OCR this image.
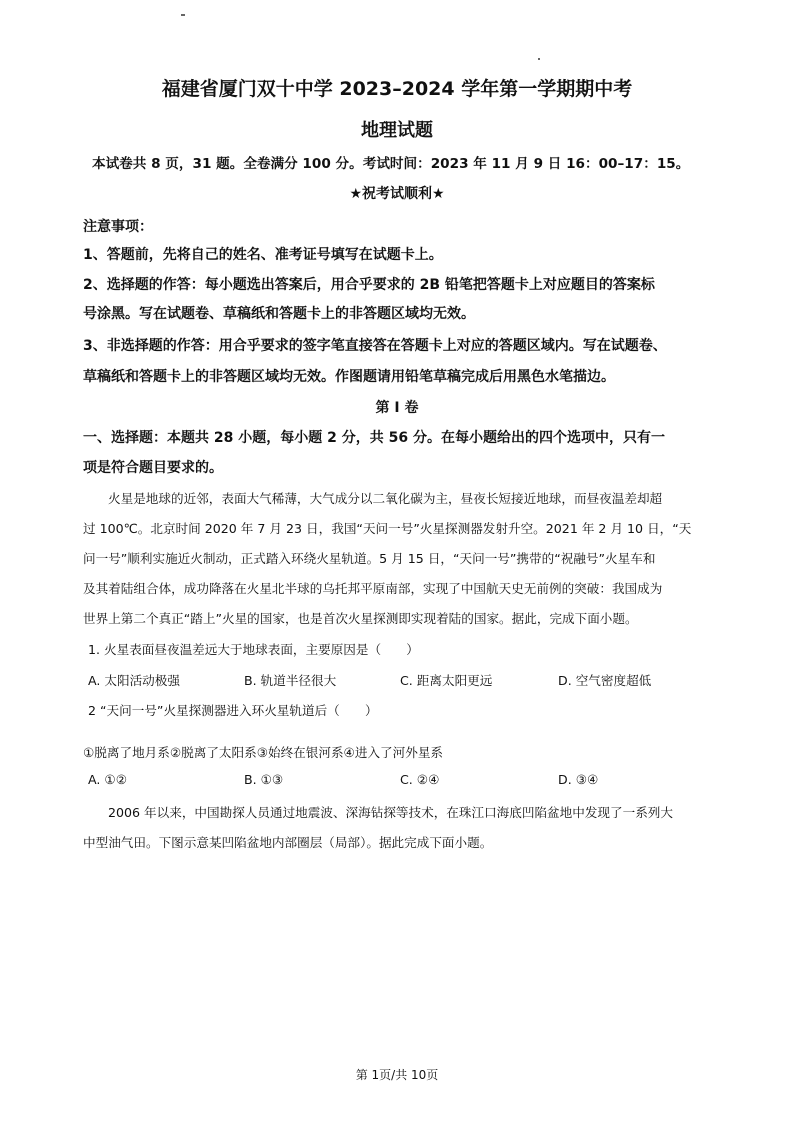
福建省厦门双十中学 2023–2024 学年第一学期期中考
地理试题
本试卷共 8 页，31 题。全卷满分 100 分。考试时间：2023 年 11 月 9 日 16：00–17：15。
★祝考试顺利★
注意事项：
1、答题前，先将自己的姓名、准考证号填写在试题卡上。
2、选择题的作答：每小题选出答案后，用合乎要求的 2B 铅笔把答题卡上对应题目的答案标
号涂黑。写在试题卷、草稿纸和答题卡上的非答题区域均无效。
3、非选择题的作答：用合乎要求的签字笔直接答在答题卡上对应的答题区域内。写在试题卷、
草稿纸和答题卡上的非答题区域均无效。作图题请用铅笔草稿完成后用黑色水笔描边。
第 I 卷
一、选择题：本题共 28 小题，每小题 2 分，共 56 分。在每小题给出的四个选项中，只有一
项是符合题目要求的。
火星是地球的近邻，表面大气稀薄，大气成分以二氧化碳为主，昼夜长短接近地球，而昼夜温差却超
过 100℃。北京时间 2020 年 7 月 23 日，我国“天问一号”火星探测器发射升空。2021 年 2 月 10 日，“天
问一号”顺利实施近火制动，正式踏入环绕火星轨道。5 月 15 日，“天问一号”携带的“祝融号”火星车和
及其着陆组合体，成功降落在火星北半球的乌托邦平原南部，实现了中国航天史无前例的突破：我国成为
世界上第二个真正“踏上”火星的国家，也是首次火星探测即实现着陆的国家。据此，完成下面小题。
1. 火星表面昼夜温差远大于地球表面，主要原因是（　　）
A. 太阳活动极强	B. 轨道半径很大	C. 距离太阳更远	D. 空气密度超低
2 “天问一号”火星探测器进入环火星轨道后（　　）
①脱离了地月系②脱离了太阳系③始终在银河系④进入了河外星系
A. ①②	B. ①③	C. ②④	D. ③④
2006 年以来，中国勘探人员通过地震波、深海钻探等技术，在珠江口海底凹陷盆地中发现了一系列大
中型油气田。下图示意某凹陷盆地内部圈层（局部）。据此完成下面小题。
第 1页/共 10页
